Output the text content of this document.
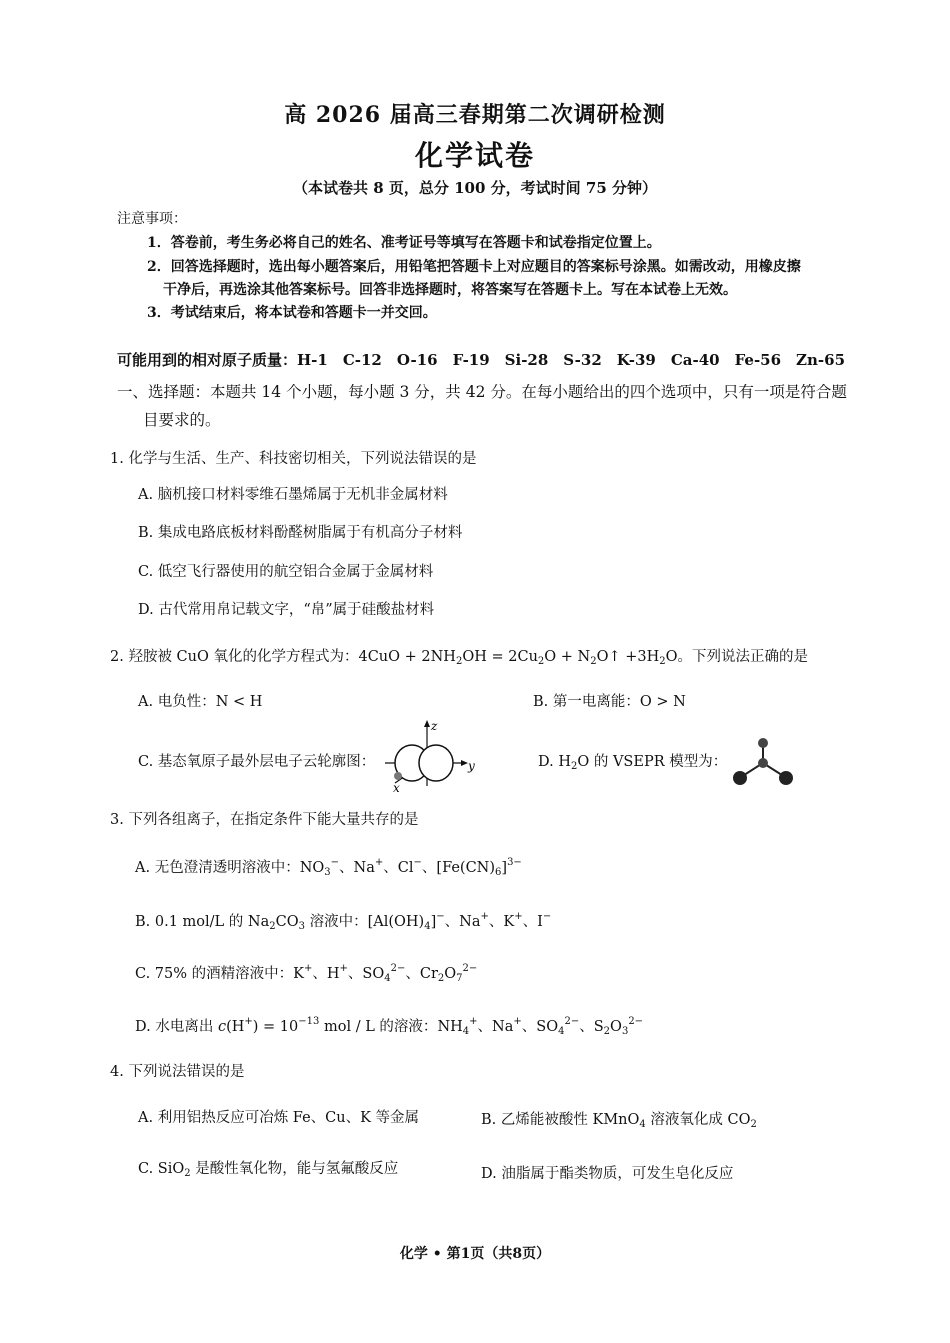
高 2026 届高三春期第二次调研检测
化学试卷
（本试卷共 8 页，总分 100 分，考试时间 75 分钟）
注意事项：
1．答卷前，考生务必将自己的姓名、准考证号等填写在答题卡和试卷指定位置上。
2．回答选择题时，选出每小题答案后，用铅笔把答题卡上对应题目的答案标号涂黑。如需改动，用橡皮擦
干净后，再选涂其他答案标号。回答非选择题时，将答案写在答题卡上。写在本试卷上无效。
3．考试结束后，将本试卷和答题卡一并交回。
可能用到的相对原子质量：H-1　C-12　O-16　F-19　Si-28　S-32　K-39　Ca-40　Fe-56　Zn-65
一、选择题：本题共 14 个小题，每小题 3 分，共 42 分。在每小题给出的四个选项中，只有一项是符合题
目要求的。
1. 化学与生活、生产、科技密切相关，下列说法错误的是
A. 脑机接口材料零维石墨烯属于无机非金属材料
B. 集成电路底板材料酚醛树脂属于有机高分子材料
C. 低空飞行器使用的航空铝合金属于金属材料
D. 古代常用帛记载文字，“帛”属于硅酸盐材料
2. 羟胺被 CuO 氧化的化学方程式为：$4CuO + 2NH_2OH = 2Cu_2O$ + $N_2O↑ +3H_2O$。下列说法正确的是
A. 电负性：N < H	B. 第一电离能：O > N
C. 基态氧原子最外层电子云轮廓图：
z
y
x
D. $H_2O$ 的 VSEPR 模型为：
3. 下列各组离子，在指定条件下能大量共存的是
A. 无色澄清透明溶液中：$NO_3^-$、Na+、Cl−、$[Fe(CN)_6]^{3-}$
B. 0.1 mol/L 的 $Na_2CO_3$ 溶液中：$[Al(OH)_4]^-$、Na+、K+、I−
C. 75% 的酒精溶液中：K+、H+、$SO_4^{2-}$、$Cr_2O_7^{2-}$
D. 水电离出 $c(H^+) = 10^{-13}$ mol / L 的溶液：$NH_4^+$、Na+、$SO_4^{2-}$、$S_2O_3^{2-}$
4. 下列说法错误的是
A. 利用铝热反应可冶炼 Fe、Cu、K 等金属	B. 乙烯能被酸性 KMnO$_4$ 溶液氧化成 $CO_2$
C. SiO$_2$ 是酸性氧化物，能与氢氟酸反应	D. 油脂属于酯类物质，可发生皂化反应
化学 • 第1页（共8页）
